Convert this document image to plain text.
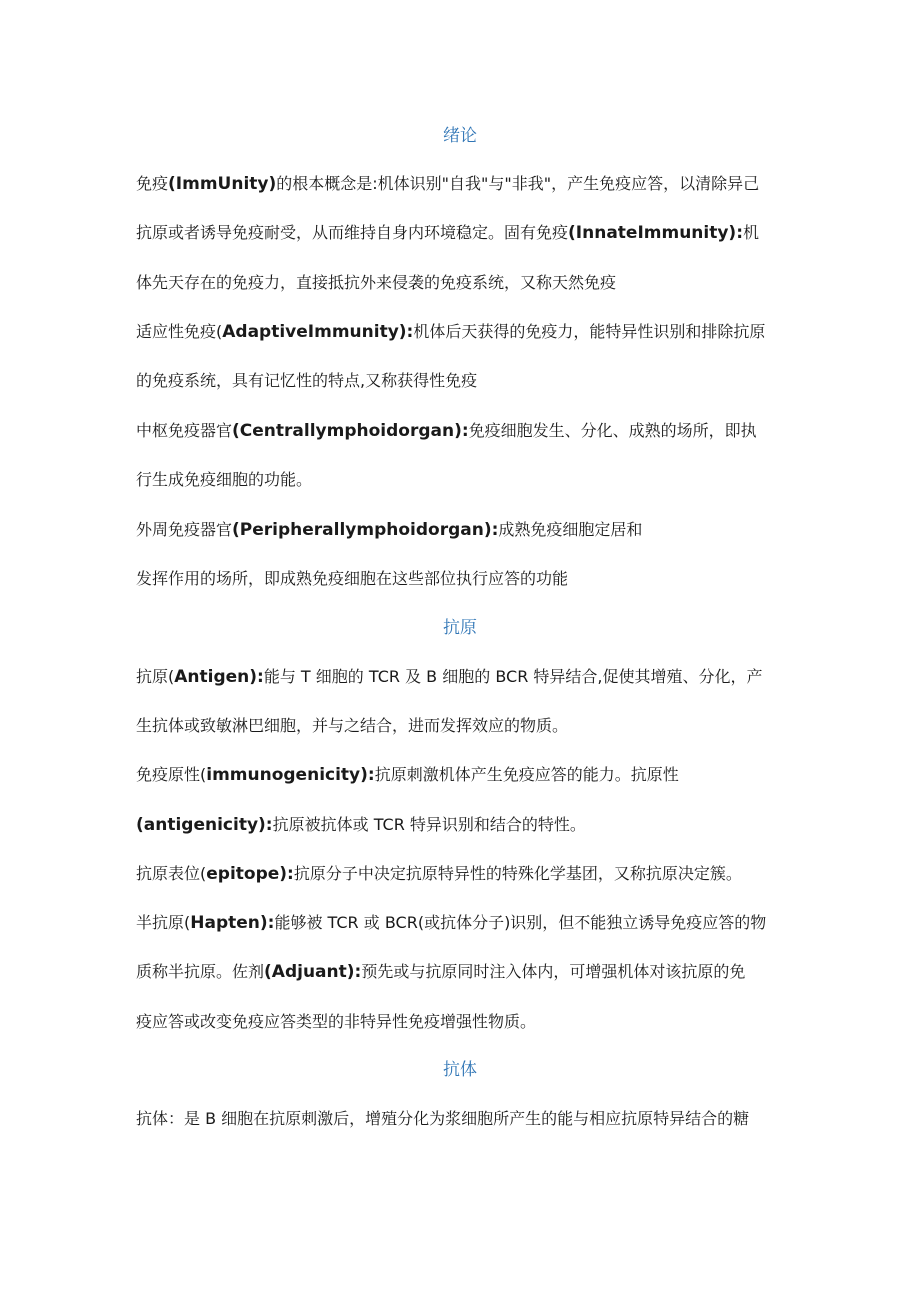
绪论
免疫(ImmUnity)的根本概念是:机体识别"自我"与"非我"，产生免疫应答，以清除异己
抗原或者诱导免疫耐受，从而维持自身内环境稳定。固有免疫(InnateImmunity):机
体先天存在的免疫力，直接抵抗外来侵袭的免疫系统，又称天然免疫
适应性免疫(AdaptiveImmunity):机体后天获得的免疫力，能特异性识别和排除抗原
的免疫系统，具有记忆性的特点,又称获得性免疫
中枢免疫器官(Centrallymphoidorgan):免疫细胞发生、分化、成熟的场所，即执
行生成免疫细胞的功能。
外周免疫器官(Peripherallymphoidorgan):成熟免疫细胞定居和
发挥作用的场所，即成熟免疫细胞在这些部位执行应答的功能
抗原
抗原(Antigen):能与 T 细胞的 TCR 及 B 细胞的 BCR 特异结合,促使其增殖、分化，产
生抗体或致敏淋巴细胞，并与之结合，进而发挥效应的物质。
免疫原性(immunogenicity):抗原刺激机体产生免疫应答的能力。抗原性
(antigenicity):抗原被抗体或 TCR 特异识别和结合的特性。
抗原表位(epitope):抗原分子中决定抗原特异性的特殊化学基团，又称抗原决定簇。
半抗原(Hapten):能够被 TCR 或 BCR(或抗体分子)识别，但不能独立诱导免疫应答的物
质称半抗原。佐剂(Adjuant):预先或与抗原同时注入体内，可增强机体对该抗原的免
疫应答或改变免疫应答类型的非特异性免疫增强性物质。
抗体
抗体：是 B 细胞在抗原刺激后，增殖分化为浆细胞所产生的能与相应抗原特异结合的糖
